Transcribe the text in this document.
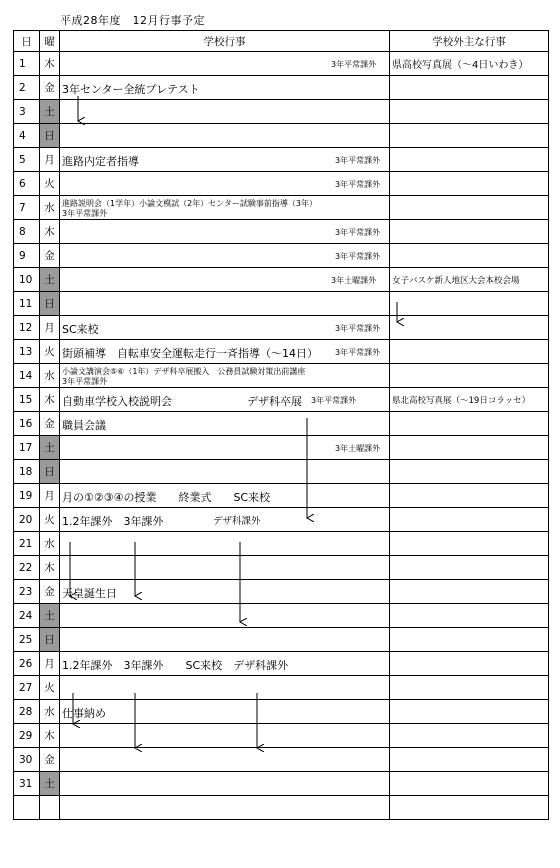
平成28年度　12月行事予定
日	曜	学校行事	学校外主な行事
1	木	3年平常課外	県高校写真展（～4日いわき）
2	金	3年センター全統プレテスト	

3	土	

4	日	

5	月	進路内定者指導 3年平常課外	

6	火	3年平常課外	

7	水	進路説明会（1学年）小論文模試（2年）センター試験事前指導（3年）
3年平常課外	

8	木	3年平常課外	

9	金	3年平常課外	

10	土	3年土曜課外	女子バスケ新人地区大会本校会場
11	日	

12	月	SC来校 3年平常課外	

13	火	街頭補導　自転車安全運転走行一斉指導（～14日） 3年平常課外	

14	水	小論文講演会⑤⑥（1年）デザ科卒展搬入　公務員試験対策出前講座
3年平常課外	

15	木	自動車学校入校説明会 デザ科卒展 3年平常課外	県北高校写真展（～19日コラッセ）
16	金	職員会議	

17	土	3年土曜課外	

18	日	

19	月	月の①②③④の授業　　終業式　　SC来校	

20	火	1.2年課外　3年課外 デザ科課外	

21	水	

22	木	

23	金	天皇誕生日	

24	土	

25	日	

26	月	1.2年課外　3年課外　　SC来校　デザ科課外	

27	火	

28	水	仕事納め	

29	木	

30	金	

31	土	
